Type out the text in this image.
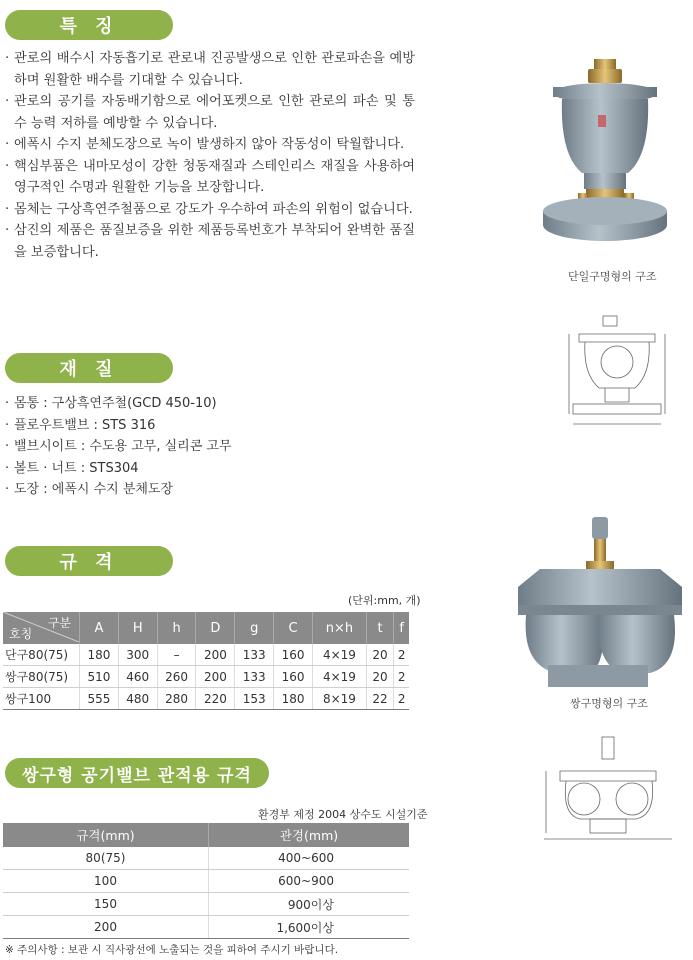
특 징
· 관로의 배수시 자동흡기로 관로내 진공발생으로 인한 관로파손을 예방하며 원활한 배수를 기대할 수 있습니다.
· 관로의 공기를 자동배기함으로 에어포켓으로 인한 관로의 파손 및 통수 능력 저하를 예방할 수 있습니다.
· 에폭시 수지 분체도장으로 녹이 발생하지 않아 작동성이 탁월합니다.
· 핵심부품은 내마모성이 강한 청동재질과 스테인리스 재질을 사용하여 영구적인 수명과 원활한 기능을 보장합니다.
· 몸체는 구상흑연주철품으로 강도가 우수하여 파손의 위험이 없습니다.
· 삼진의 제품은 품질보증을 위한 제품등록번호가 부착되어 완벽한 품질을 보증합니다.
재 질
· 몸통 : 구상흑연주철(GCD 450-10)
· 플로우트밸브 : STS 316
· 밸브시이트 : 수도용 고무, 실리콘 고무
· 볼트 · 너트 : STS304
· 도장 : 에폭시 수지 분체도장
규 격
(단위:mm, 개)
구분
호칭	A	H	h	D	g	C	n×h	t	f
단구80(75)	180	300	–	200	133	160	4×19	20	2
쌍구80(75)	510	460	260	200	133	160	4×19	20	2
쌍구100	555	480	280	220	153	180	8×19	22	2
쌍구형 공기밸브 관적용 규격
환경부 제정 2004 상수도 시설기준
규격(mm)	관경(mm)
80(75)	400~600
100	600~900
150	900이상
200	1,600이상
※ 주의사항 : 보관 시 직사광선에 노출되는 것을 피하여 주시기 바랍니다.
단일구명형의 구조
쌍구명형의 구조
